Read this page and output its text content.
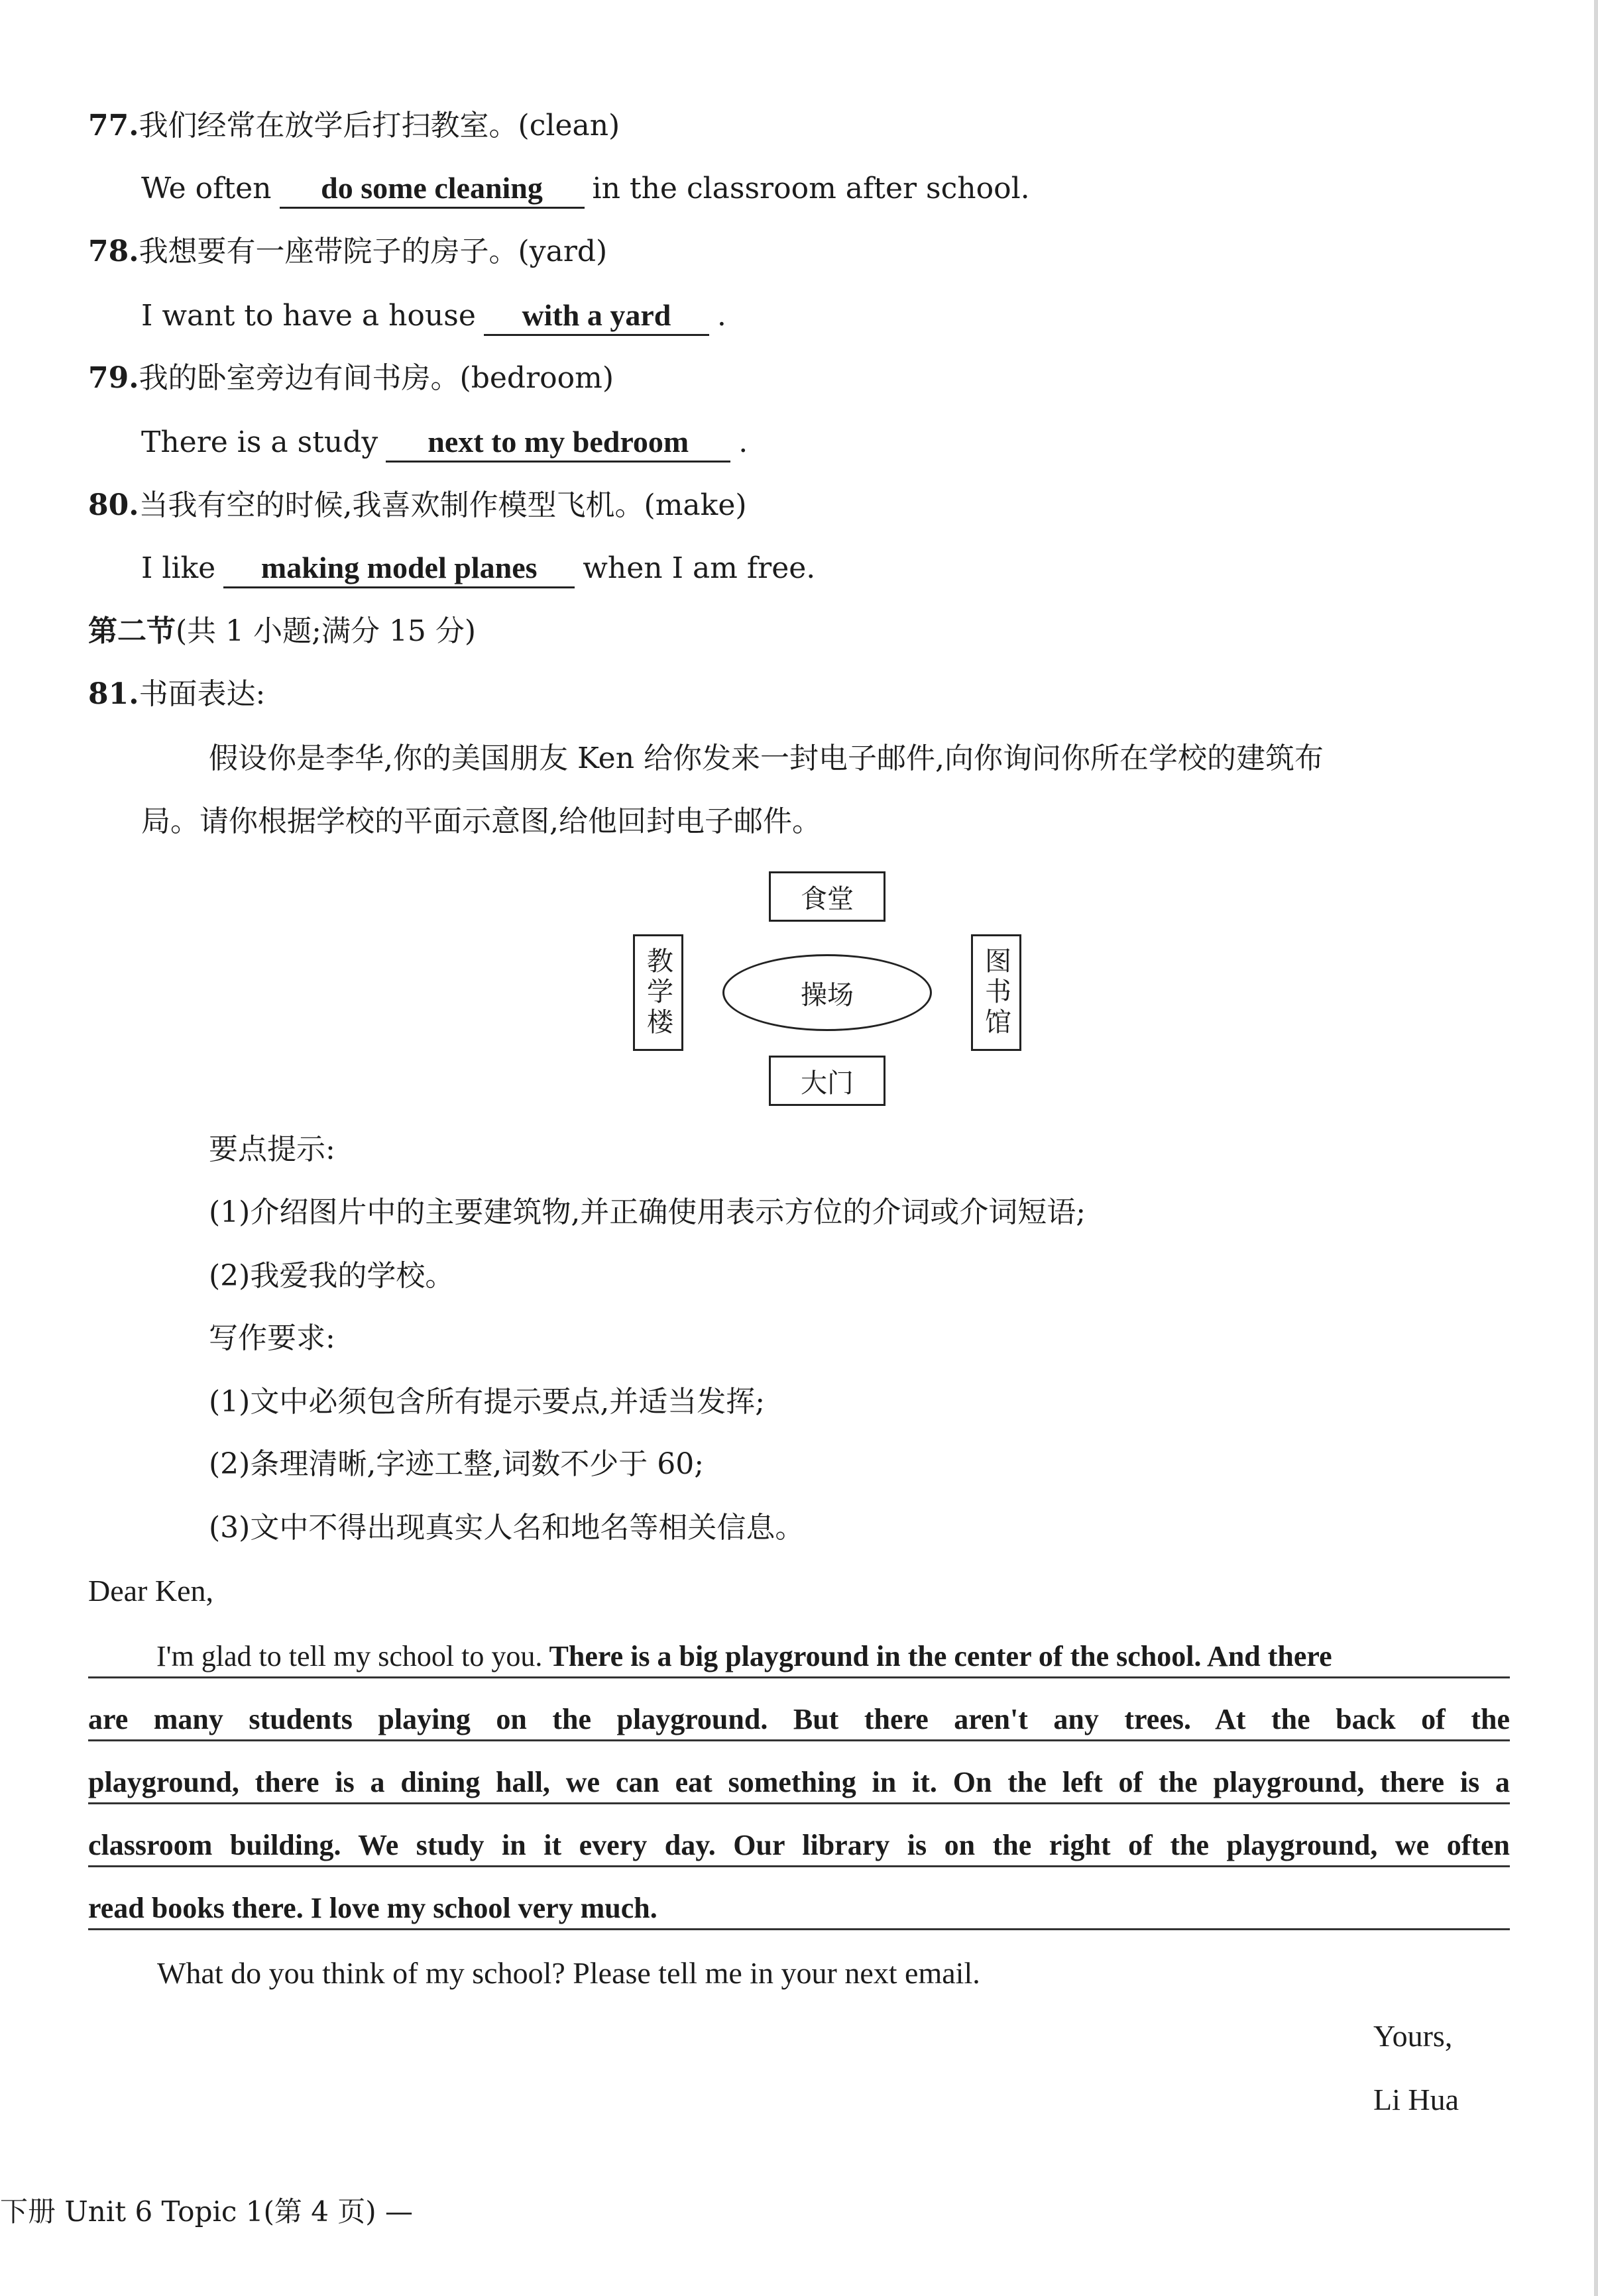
77.我们经常在放学后打扫教室。(clean)
We often do some cleaning in the classroom after school.
78.我想要有一座带院子的房子。(yard)
I want to have a house with a yard .
79.我的卧室旁边有间书房。(bedroom)
There is a study next to my bedroom .
80.当我有空的时候,我喜欢制作模型飞机。(make)
I like making model planes when I am free.
第二节(共 1 小题;满分 15 分)
81.书面表达:
假设你是李华,你的美国朋友 Ken 给你发来一封电子邮件,向你询问你所在学校的建筑布
局。请你根据学校的平面示意图,给他回封电子邮件。
食堂
教学楼	操场	图书馆
大门
要点提示:
(1)介绍图片中的主要建筑物,并正确使用表示方位的介词或介词短语;
(2)我爱我的学校。
写作要求:
(1)文中必须包含所有提示要点,并适当发挥;
(2)条理清晰,字迹工整,词数不少于 60;
(3)文中不得出现真实人名和地名等相关信息。
Dear Ken,
I'm glad to tell my school to you. There is a big playground in the center of the school. And there
are many students playing on the playground. But there aren't any trees. At the back of the
playground, there is a dining hall, we can eat something in it. On the left of the playground, there is a
classroom building. We study in it every day. Our library is on the right of the playground, we often
read books there. I love my school very much.
What do you think of my school? Please tell me in your next email.
Yours,
Li Hua
下册 Unit 6 Topic 1(第 4 页) —
